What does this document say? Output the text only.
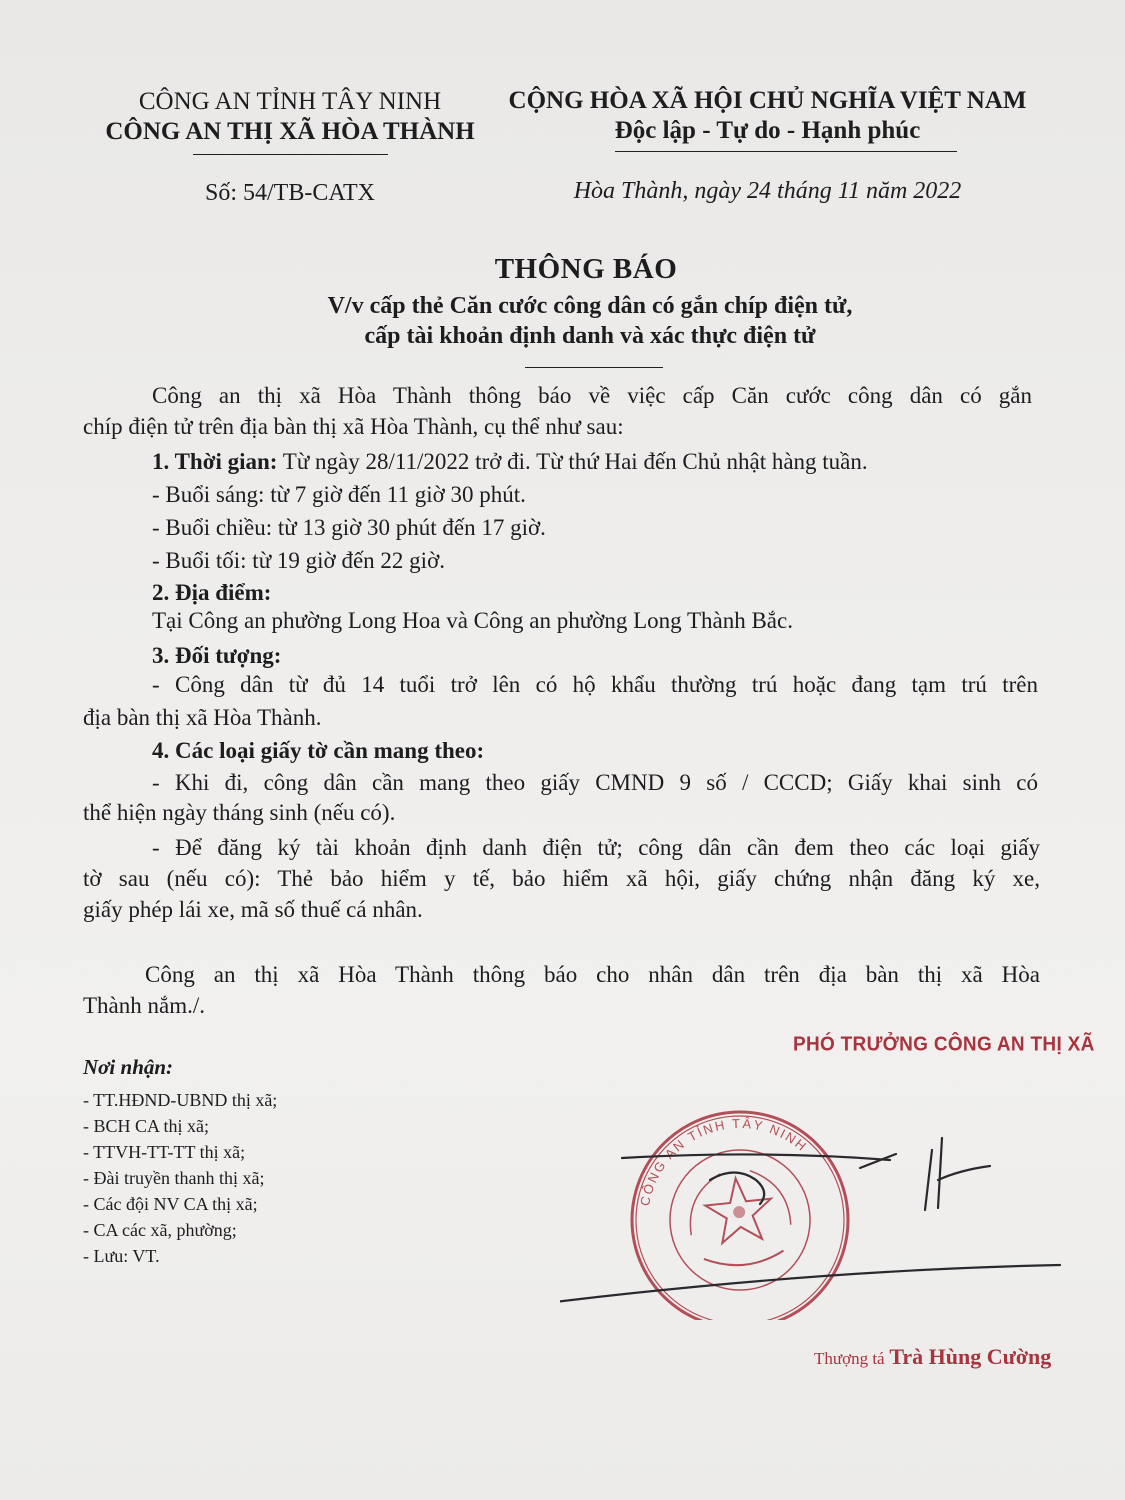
CÔNG AN TỈNH TÂY NINH
CÔNG AN THỊ XÃ HÒA THÀNH
CỘNG HÒA XÃ HỘI CHỦ NGHĨA VIỆT NAM
Độc lập - Tự do - Hạnh phúc
Số: 54/TB-CATX	Hòa Thành, ngày 24 tháng 11 năm 2022
THÔNG BÁO
V/v cấp thẻ Căn cước công dân có gắn chíp điện tử,
cấp tài khoản định danh và xác thực điện tử
Công an thị xã Hòa Thành thông báo về việc cấp Căn cước công dân có gắn
chíp điện tử trên địa bàn thị xã Hòa Thành, cụ thể như sau:
1. Thời gian: Từ ngày 28/11/2022 trở đi. Từ thứ Hai đến Chủ nhật hàng tuần.
- Buổi sáng: từ 7 giờ đến 11 giờ 30 phút.
- Buổi chiều: từ 13 giờ 30 phút đến 17 giờ.
- Buổi tối: từ 19 giờ đến 22 giờ.
2. Địa điểm:
Tại Công an phường Long Hoa và Công an phường Long Thành Bắc.
3. Đối tượng:
- Công dân từ đủ 14 tuổi trở lên có hộ khẩu thường trú hoặc đang tạm trú trên
địa bàn thị xã Hòa Thành.
4. Các loại giấy tờ cần mang theo:
- Khi đi, công dân cần mang theo giấy CMND 9 số / CCCD; Giấy khai sinh có
thể hiện ngày tháng sinh (nếu có).
- Để đăng ký tài khoản định danh điện tử; công dân cần đem theo các loại giấy
tờ sau (nếu có): Thẻ bảo hiểm y tế, bảo hiểm xã hội, giấy chứng nhận đăng ký xe,
giấy phép lái xe, mã số thuế cá nhân.
Công an thị xã Hòa Thành thông báo cho nhân dân trên địa bàn thị xã Hòa
Thành nắm./.
Nơi nhận:
- TT.HĐND-UBND thị xã;
- BCH CA thị xã;
- TTVH-TT-TT thị xã;
- Đài truyền thanh thị xã;
- Các đội NV CA thị xã;
- CA các xã, phường;
- Lưu: VT.
PHÓ TRƯỞNG CÔNG AN THỊ XÃ
CÔNG AN TỈNH TÂY NINH
Thượng tá Trà Hùng Cường
